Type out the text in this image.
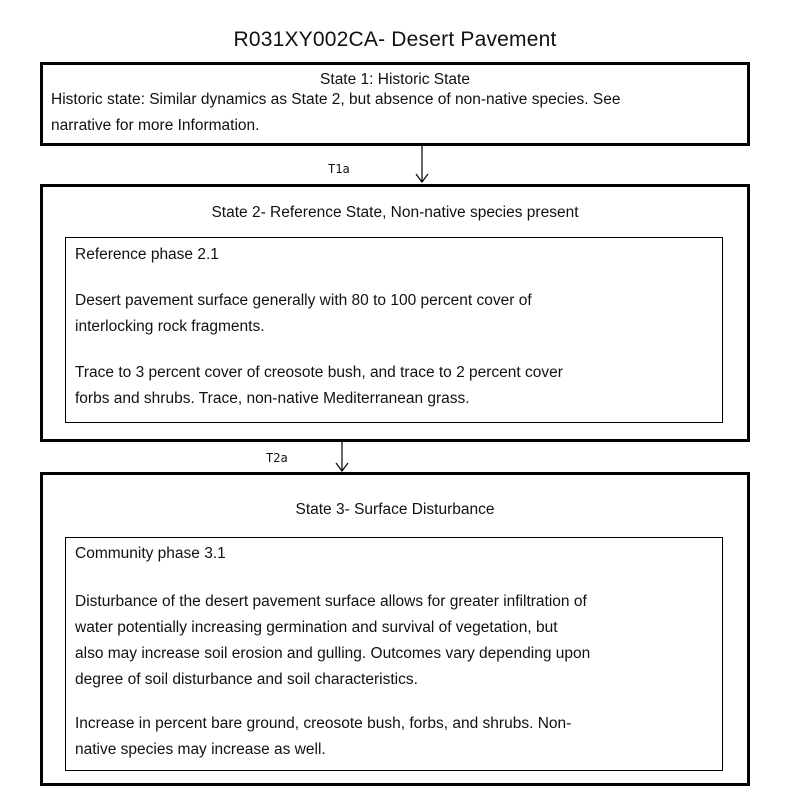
R031XY002CA- Desert Pavement
State 1: Historic State
Historic state: Similar dynamics as State 2, but absence of non-native species. See
narrative for more Information.
T1a
State 2- Reference State, Non-native species present
Reference phase 2.1
Desert pavement surface generally with 80 to 100 percent cover of
interlocking rock fragments.
Trace to 3 percent cover of creosote bush, and trace to 2 percent cover
forbs and shrubs. Trace, non-native Mediterranean grass.
T2a
State 3- Surface Disturbance
Community phase 3.1
Disturbance of the desert pavement surface allows for greater infiltration of
water potentially increasing germination and survival of vegetation, but
also may increase soil erosion and gulling. Outcomes vary depending upon
degree of soil disturbance and soil characteristics.
Increase in percent bare ground, creosote bush, forbs, and shrubs. Non-
native species may increase as well.
